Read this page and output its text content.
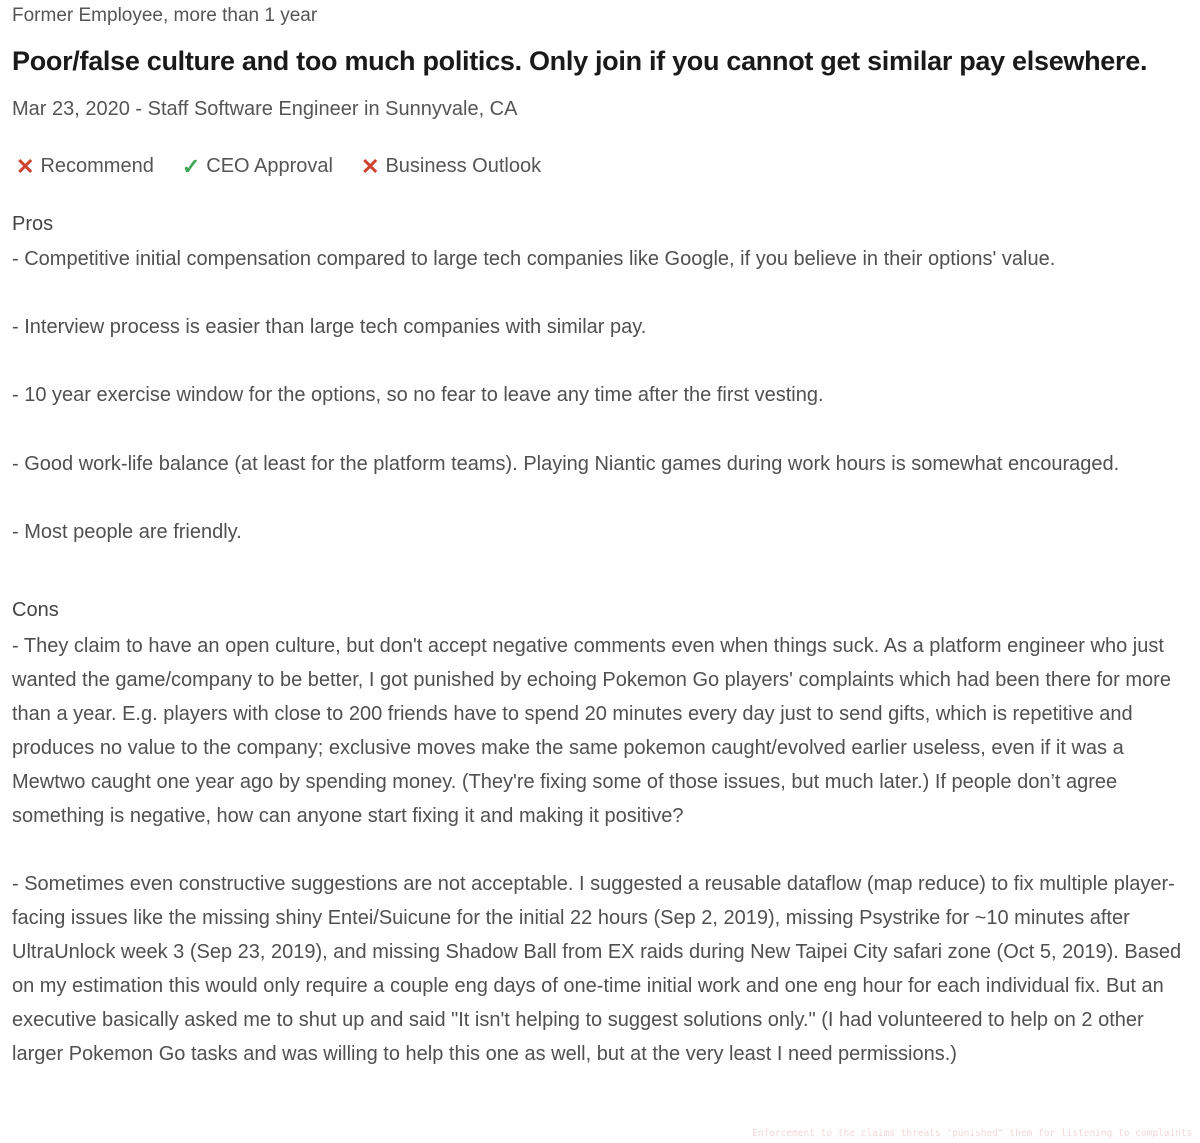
Former Employee, more than 1 year
Poor/false culture and too much politics. Only join if you cannot get similar pay elsewhere.
Mar 23, 2020 - Staff Software Engineer in Sunnyvale, CA
✕ Recommend ✓ CEO Approval ✕ Business Outlook
Pros
- Competitive initial compensation compared to large tech companies like Google, if you believe in their options' value.
- Interview process is easier than large tech companies with similar pay.
- 10 year exercise window for the options, so no fear to leave any time after the first vesting.
- Good work-life balance (at least for the platform teams). Playing Niantic games during work hours is somewhat encouraged.
- Most people are friendly.
Cons
- They claim to have an open culture, but don't accept negative comments even when things suck. As a platform engineer who just wanted the game/company to be better, I got punished by echoing Pokemon Go players' complaints which had been there for more than a year. E.g. players with close to 200 friends have to spend 20 minutes every day just to send gifts, which is repetitive and produces no value to the company; exclusive moves make the same pokemon caught/evolved earlier useless, even if it was a Mewtwo caught one year ago by spending money. (They're fixing some of those issues, but much later.) If people don’t agree something is negative, how can anyone start fixing it and making it positive?
- Sometimes even constructive suggestions are not acceptable. I suggested a reusable dataflow (map reduce) to fix multiple player-facing issues like the missing shiny Entei/Suicune for the initial 22 hours (Sep 2, 2019), missing Psystrike for ~10 minutes after UltraUnlock week 3 (Sep 23, 2019), and missing Shadow Ball from EX raids during New Taipei City safari zone (Oct 5, 2019). Based on my estimation this would only require a couple eng days of one-time initial work and one eng hour for each individual fix. But an executive basically asked me to shut up and said "It isn't helping to suggest solutions only." (I had volunteered to help on 2 other larger Pokemon Go tasks and was willing to help this one as well, but at the very least I need permissions.)
Enforcement to the claims threats "punished" them for listening to complaints
